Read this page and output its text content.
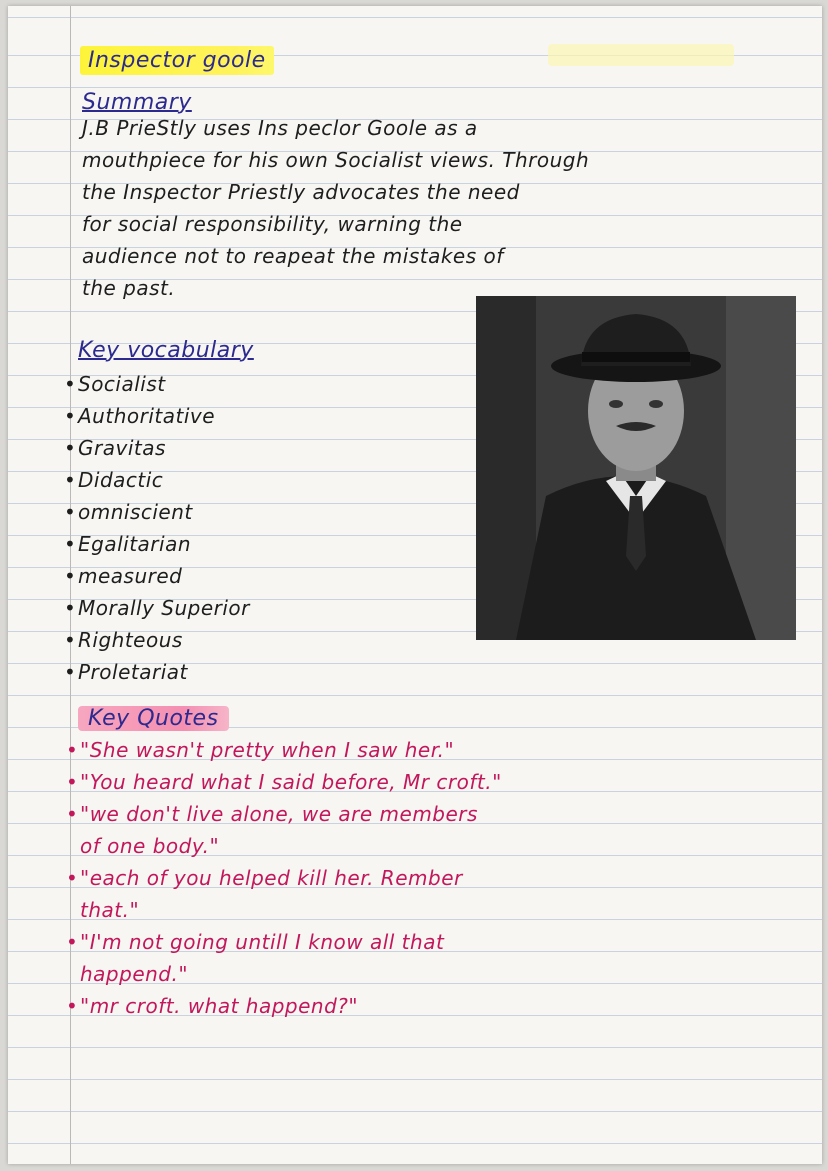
Inspector goole
Summary
J.B PrieStly uses Ins peclor Goole as a
mouthpiece for his own Socialist views. Through
the Inspector Priestly advocates the need
for social responsibility, warning the
audience not to reapeat the mistakes of
the past.
Key vocabulary
•Socialist
•Authoritative
•Gravitas
•Didactic
•omniscient
•Egalitarian
•measured
•Morally Superior
•Righteous
•Proletariat
Key Quotes
•"She wasn't pretty when I saw her."
•"You heard what I said before, Mr croft."
•"we don't live alone, we are members
of one body."
•"each of you helped kill her. Rember
that."
•"I'm not going untill I know all that
happend."
•"mr croft. what happend?"
